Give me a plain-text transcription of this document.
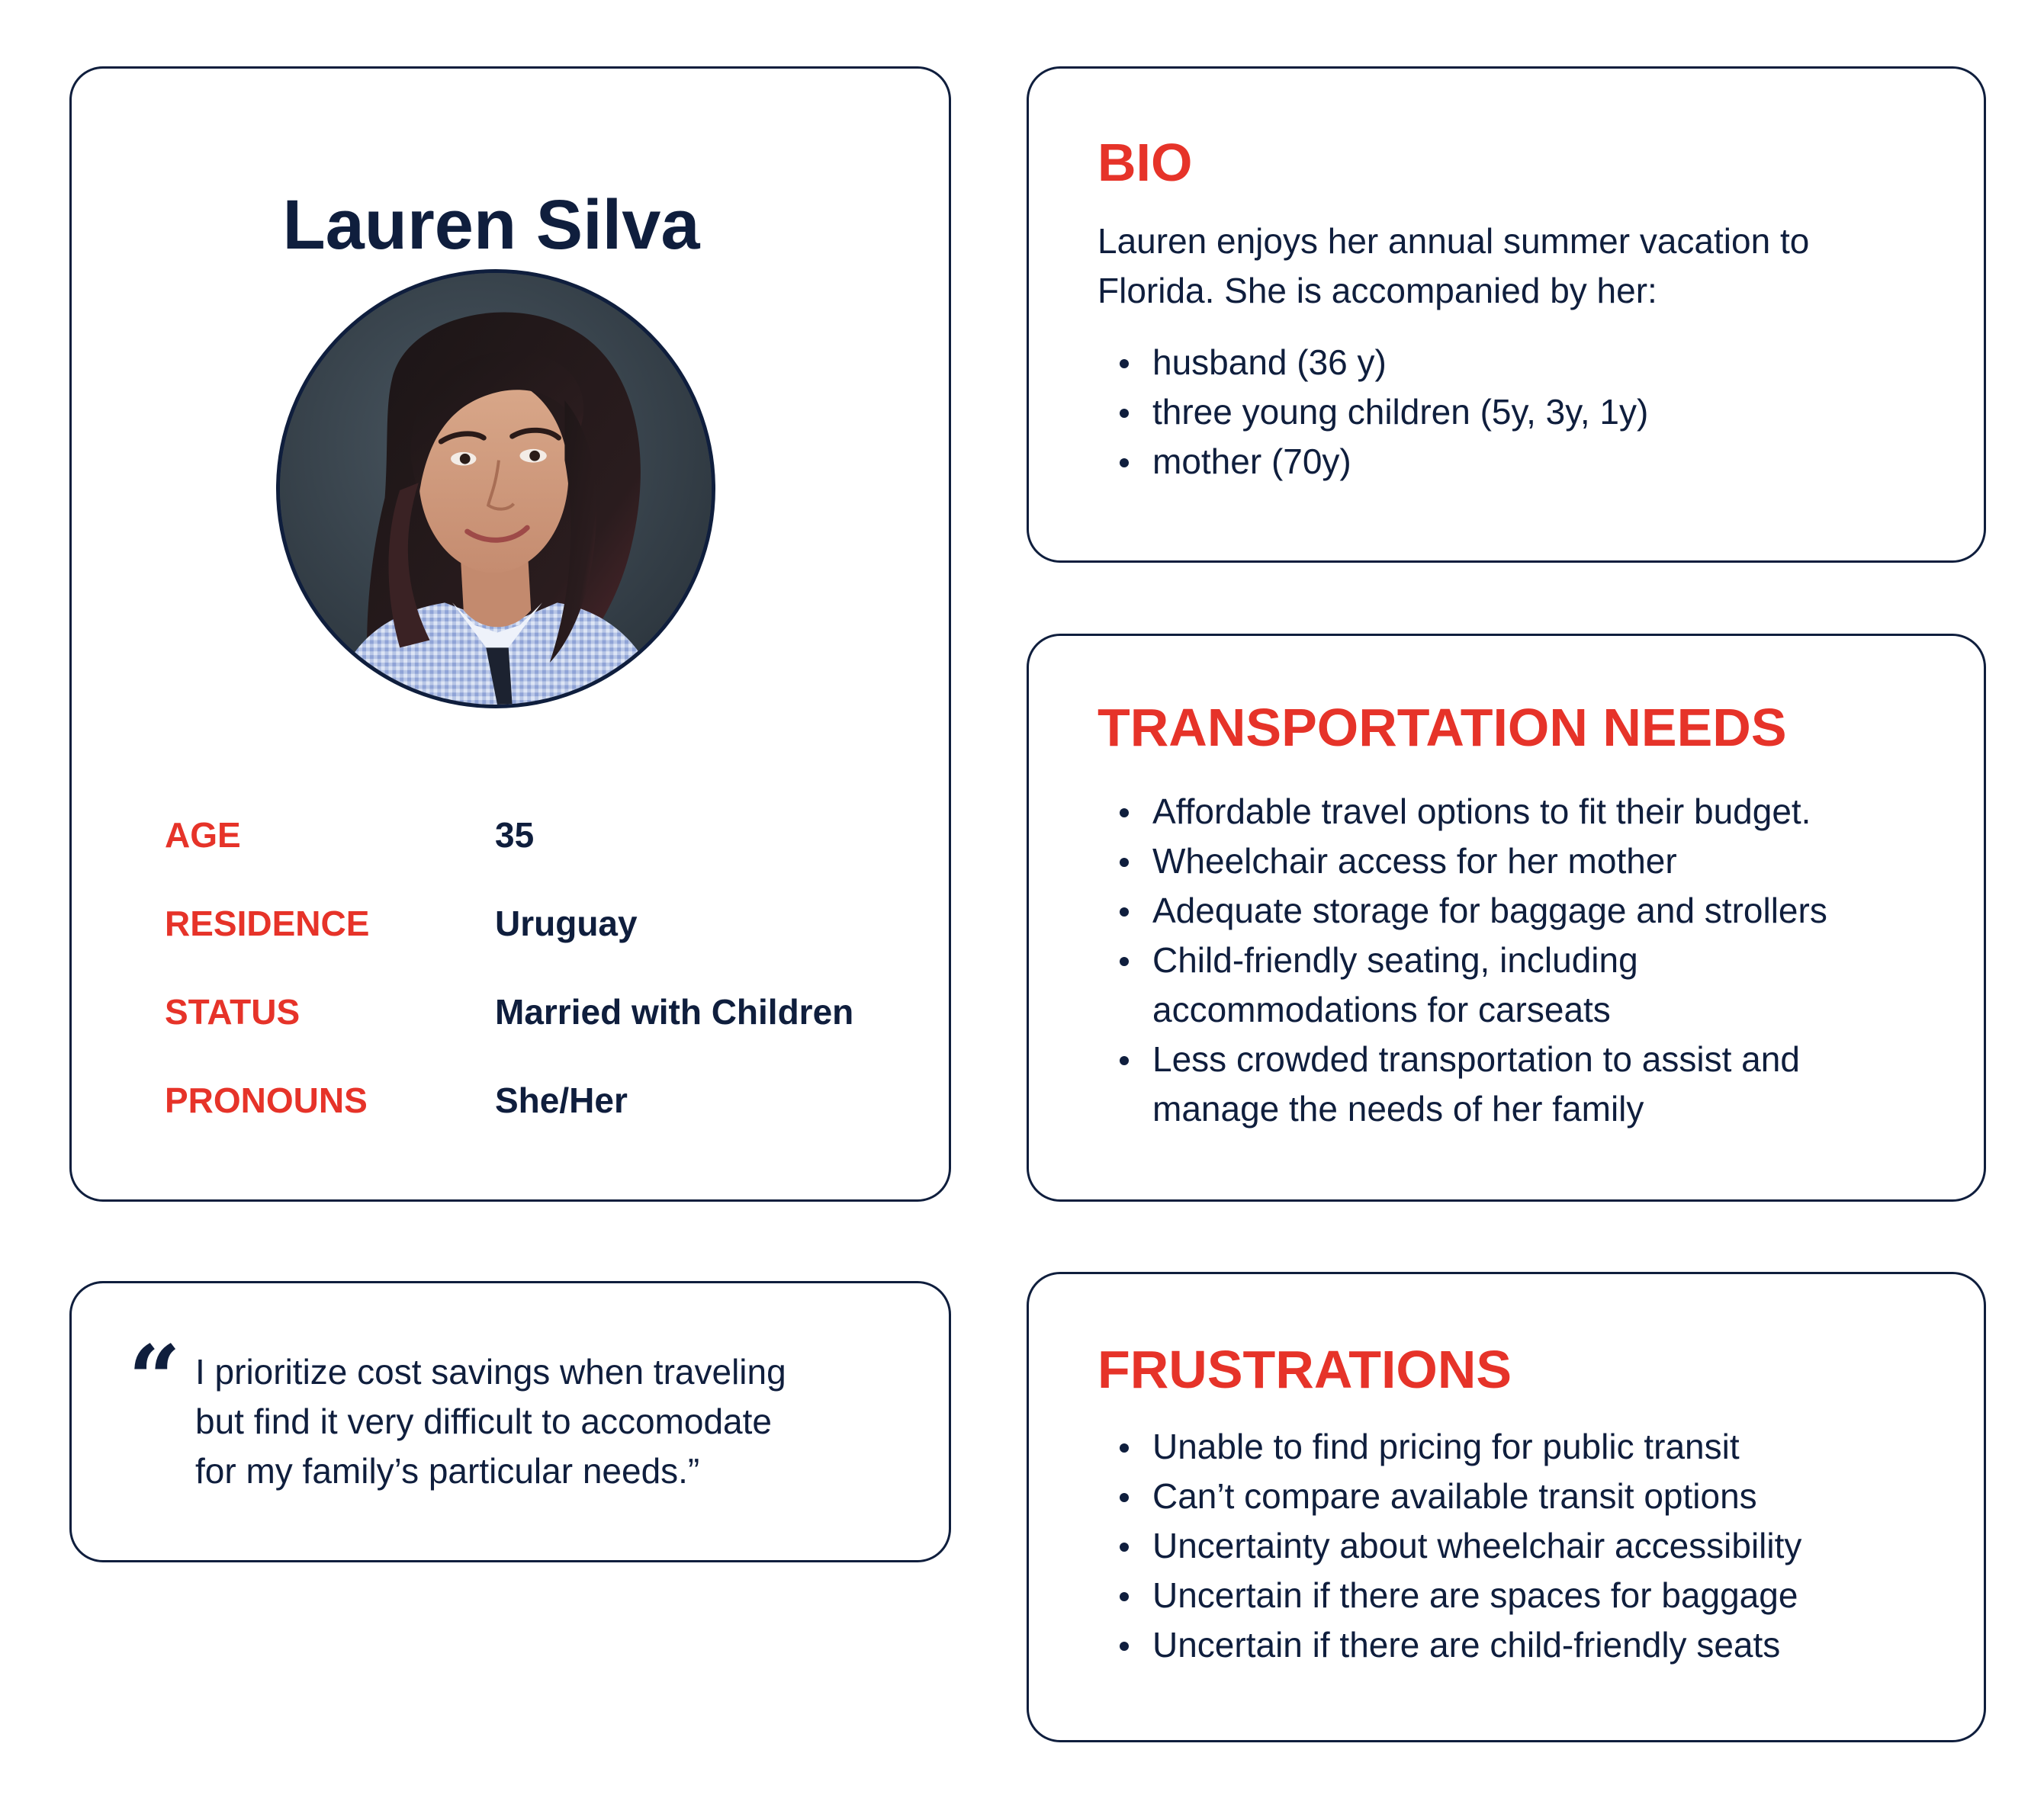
Lauren Silva
AGE	35
RESIDENCE	Uruguay
STATUS	Married with Children
PRONOUNS	She/Her
“ I prioritize cost savings when traveling
but find it very difficult to accomodate
for my family’s particular needs.”
BIO
Lauren enjoys her annual summer vacation to
Florida. She is accompanied by her:
husband (36 y)
three young children (5y, 3y, 1y)
mother (70y)
TRANSPORTATION NEEDS
Affordable travel options to fit their budget.
Wheelchair access for her mother
Adequate storage for baggage and strollers
Child-friendly seating, including accommodations for carseats
Less crowded transportation to assist and manage the needs of her family
FRUSTRATIONS
Unable to find pricing for public transit
Can’t compare available transit options
Uncertainty about wheelchair accessibility
Uncertain if there are spaces for baggage
Uncertain if there are child-friendly seats
